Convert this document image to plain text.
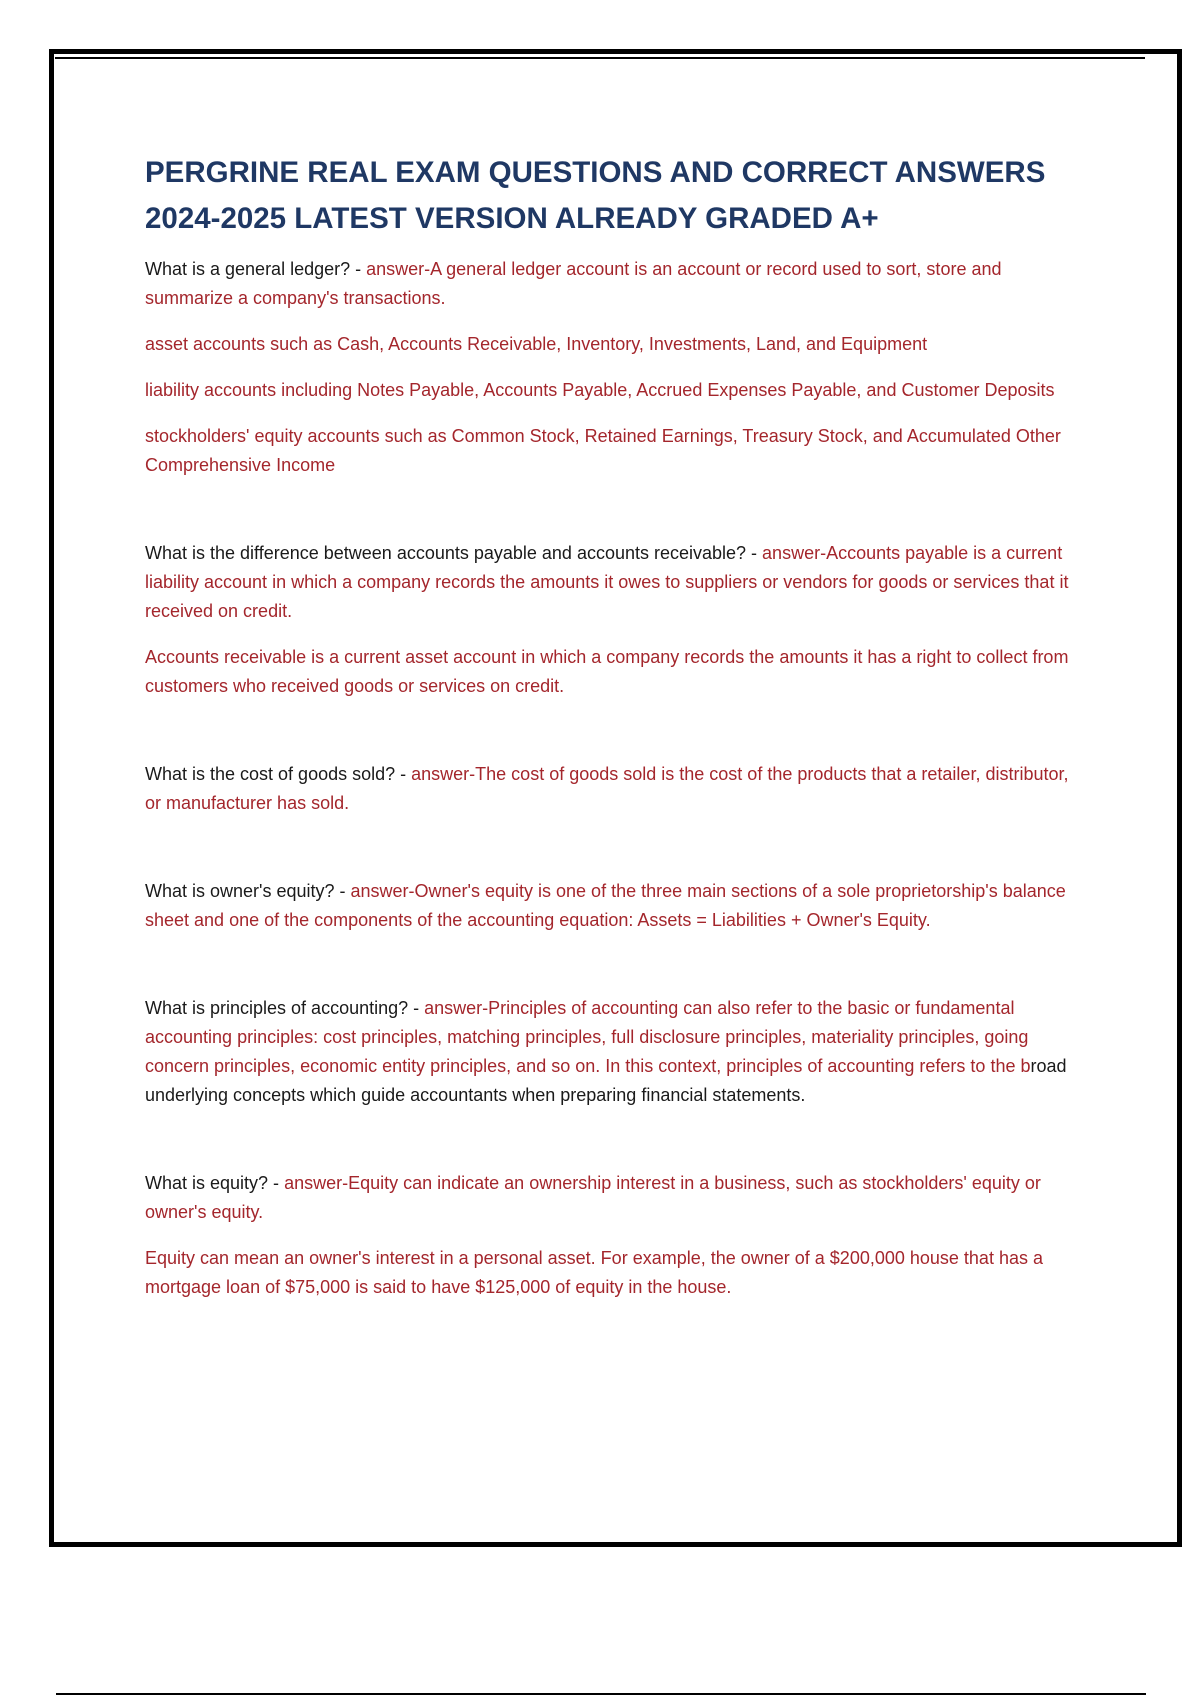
PERGRINE REAL EXAM QUESTIONS AND CORRECT ANSWERS
2024-2025 LATEST VERSION ALREADY GRADED A+

What is a general ledger? - answer-A general ledger account is an account or record used to sort, store and summarize a company's transactions.

asset accounts such as Cash, Accounts Receivable, Inventory, Investments, Land, and Equipment

liability accounts including Notes Payable, Accounts Payable, Accrued Expenses Payable, and Customer Deposits

stockholders' equity accounts such as Common Stock, Retained Earnings, Treasury Stock, and Accumulated Other Comprehensive Income

What is the difference between accounts payable and accounts receivable? - answer-Accounts payable is a current liability account in which a company records the amounts it owes to suppliers or vendors for goods or services that it received on credit.

Accounts receivable is a current asset account in which a company records the amounts it has a right to collect from customers who received goods or services on credit.

What is the cost of goods sold? - answer-The cost of goods sold is the cost of the products that a retailer, distributor, or manufacturer has sold.

What is owner's equity? - answer-Owner's equity is one of the three main sections of a sole proprietorship's balance sheet and one of the components of the accounting equation: Assets = Liabilities + Owner's Equity.

What is principles of accounting? - answer-Principles of accounting can also refer to the basic or fundamental accounting principles: cost principles, matching principles, full disclosure principles, materiality principles, going concern principles, economic entity principles, and so on. In this context, principles of accounting refers to the broad underlying concepts which guide accountants when preparing financial statements.

What is equity? - answer-Equity can indicate an ownership interest in a business, such as stockholders' equity or owner's equity.

Equity can mean an owner's interest in a personal asset. For example, the owner of a $200,000 house that has a mortgage loan of $75,000 is said to have $125,000 of equity in the house.
